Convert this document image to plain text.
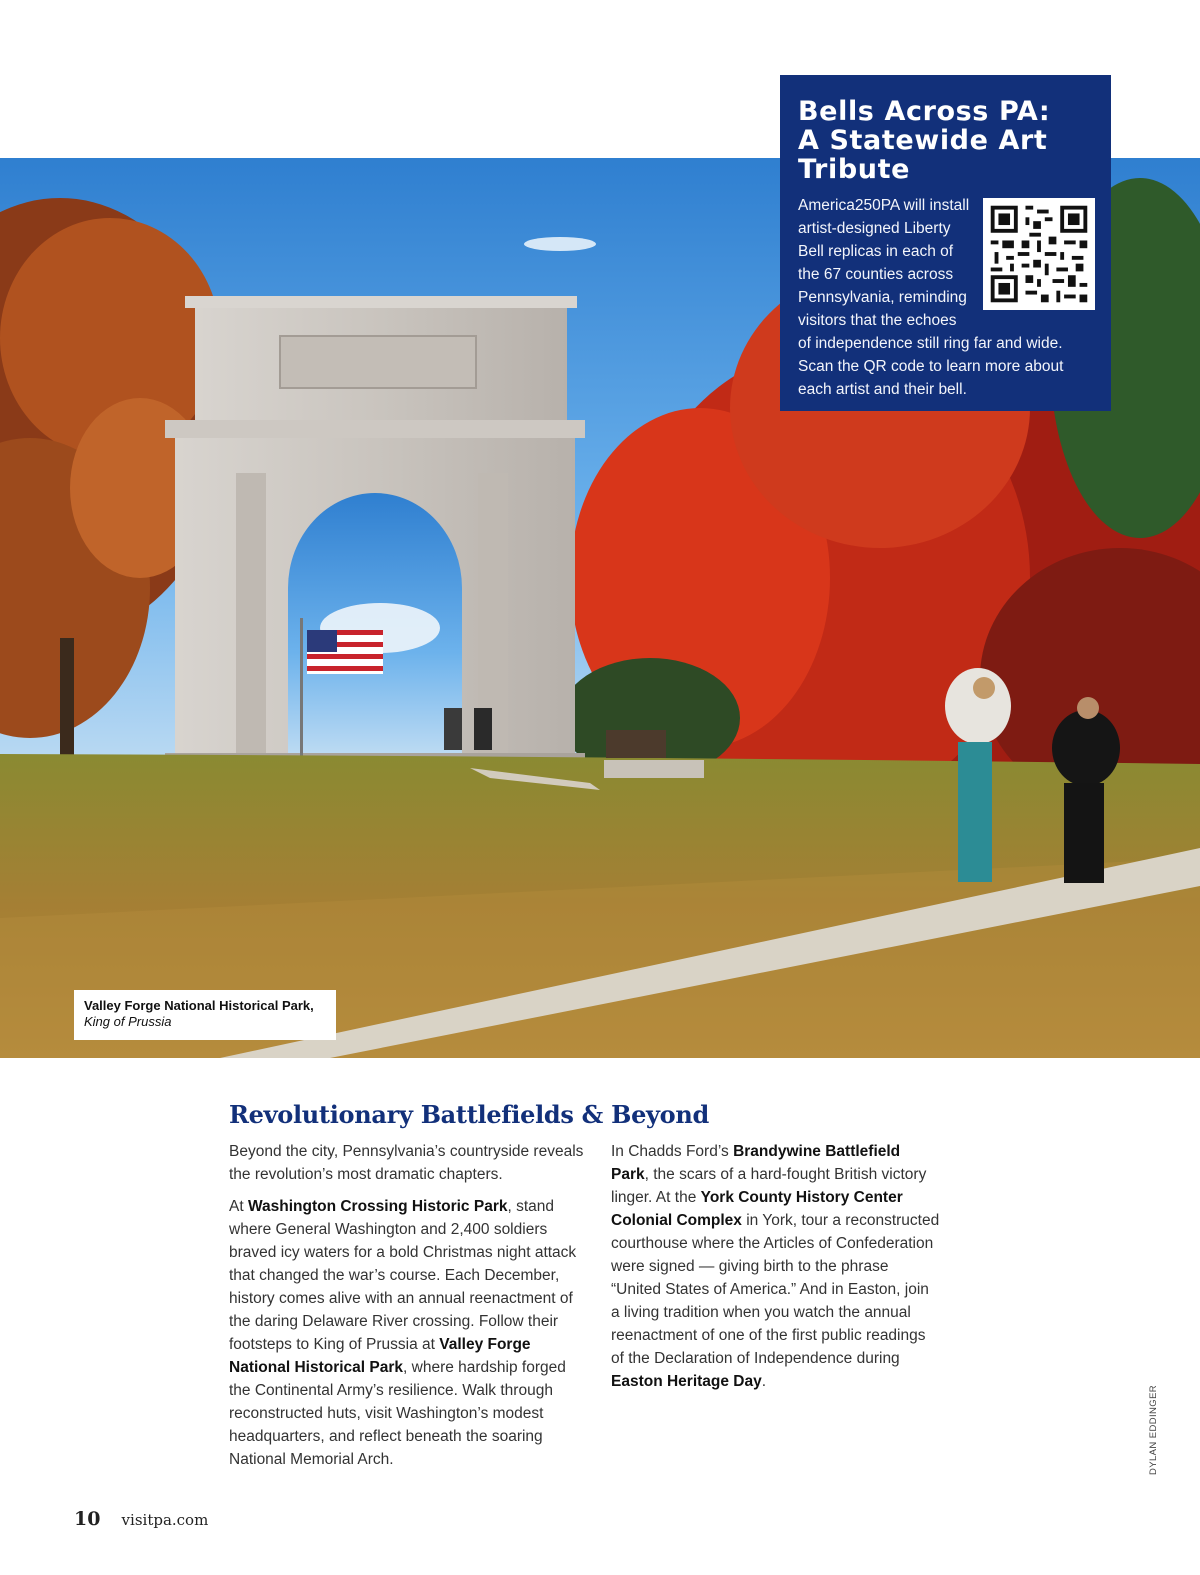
Valley Forge National Historical Park,
King of Prussia
Bells Across PA: A Statewide Art Tribute

America250PA will install artist-designed Liberty Bell replicas in each of the 67 counties across Pennsylvania, reminding visitors that the echoes of independence still ring far and wide. Scan the QR code to learn more about each artist and their bell.

Revolutionary Battlefields & Beyond

Beyond the city, Pennsylvania’s countryside reveals the revolution’s most dramatic chapters.

At Washington Crossing Historic Park, stand where General Washington and 2,400 soldiers braved icy waters for a bold Christmas night attack that changed the war’s course. Each December, history comes alive with an annual reenactment of the daring Delaware River crossing. Follow their footsteps to King of Prussia at Valley Forge National Historical Park, where hardship forged the Continental Army’s resilience. Walk through reconstructed huts, visit Washington’s modest headquarters, and reflect beneath the soaring National Memorial Arch.

In Chadds Ford’s Brandywine Battlefield Park, the scars of a hard-fought British victory linger. At the York County History Center Colonial Complex in York, tour a reconstructed courthouse where the Articles of Confederation were signed — giving birth to the phrase “United States of America.” And in Easton, join a living tradition when you watch the annual reenactment of one of the first public readings of the Declaration of Independence during Easton Heritage Day.

DYLAN EDDINGER
10 visitpa.com
